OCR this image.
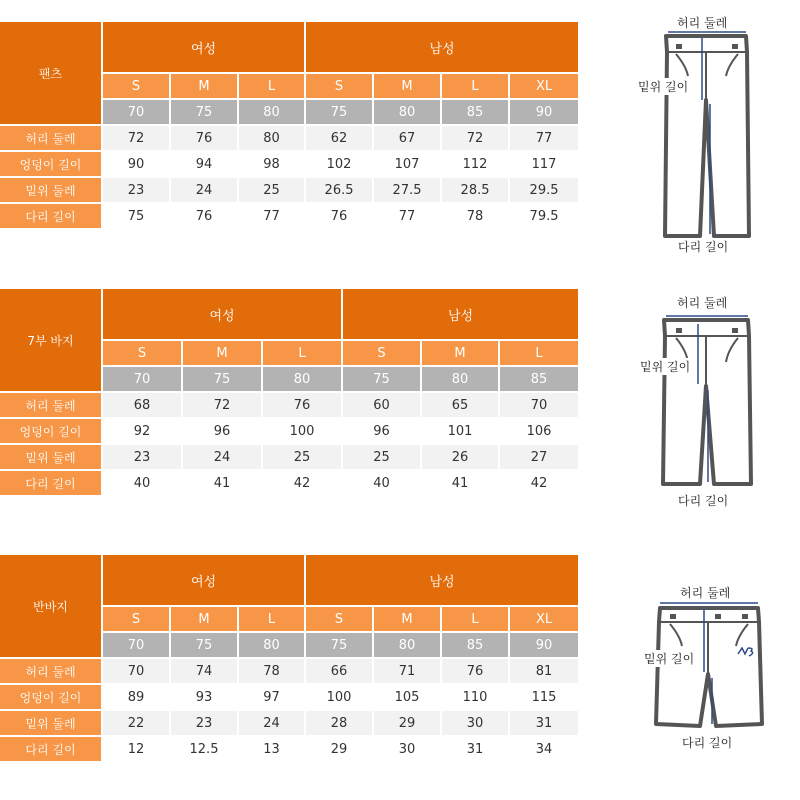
팬츠	여성			남성			
	S	M	L	S	M	L	XL
	70	75	80	75	80	85	90
허리 둘레	72	76	80	62	67	72	77
엉덩이 길이	90	94	98	102	107	112	117
밑위 둘레	23	24	25	26.5	27.5	28.5	29.5
다리 길이	75	76	77	76	77	78	79.5
7부 바지	여성			남성		
	S	M	L	S	M	L
	70	75	80	75	80	85
허리 둘레	68	72	76	60	65	70
엉덩이 길이	92	96	100	96	101	106
밑위 둘레	23	24	25	25	26	27
다리 길이	40	41	42	40	41	42
반바지	여성			남성			
	S	M	L	S	M	L	XL
	70	75	80	75	80	85	90
허리 둘레	70	74	78	66	71	76	81
엉덩이 길이	89	93	97	100	105	110	115
밑위 둘레	22	23	24	28	29	30	31
다리 길이	12	12.5	13	29	30	31	34
허리 둘레
밑위 길이
다리 길이
허리 둘레
밑위 길이
다리 길이
허리 둘레
밑위 길이
다리 길이
